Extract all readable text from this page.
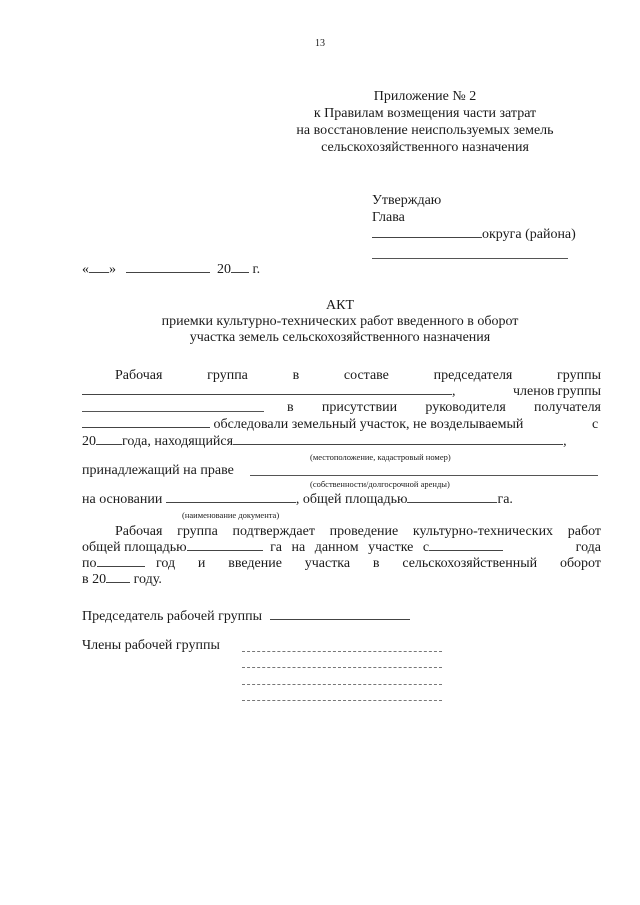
13
Приложение № 2
к Правилам возмещения части затрат
на восстановление неиспользуемых земель
сельскохозяйственного назначения
Утверждаю
Глава
округа (района)
« »	20 г.
АКТ
приемки культурно-технических работ введенного в оборот
участка земель сельскохозяйственного назначения
Рабочая	группа	в	составе	председателя	группы
,	членов группы
в присутствии руководителя получателя
обследовали земельный участок, не возделываемый	с
20 года, находящийся	,
(местоположение, кадастровый номер)
принадлежащий на праве
(собственности/долгосрочной аренды)
на основании	, общей площадью	га.
(наименование документа)
Рабочая группа подтверждает проведение культурно-технических работ
общей площадью	га на данном участке с	года
по	год и введение участка в сельскохозяйственный оборот
в 20 году.
Председатель рабочей группы
Члены рабочей группы
